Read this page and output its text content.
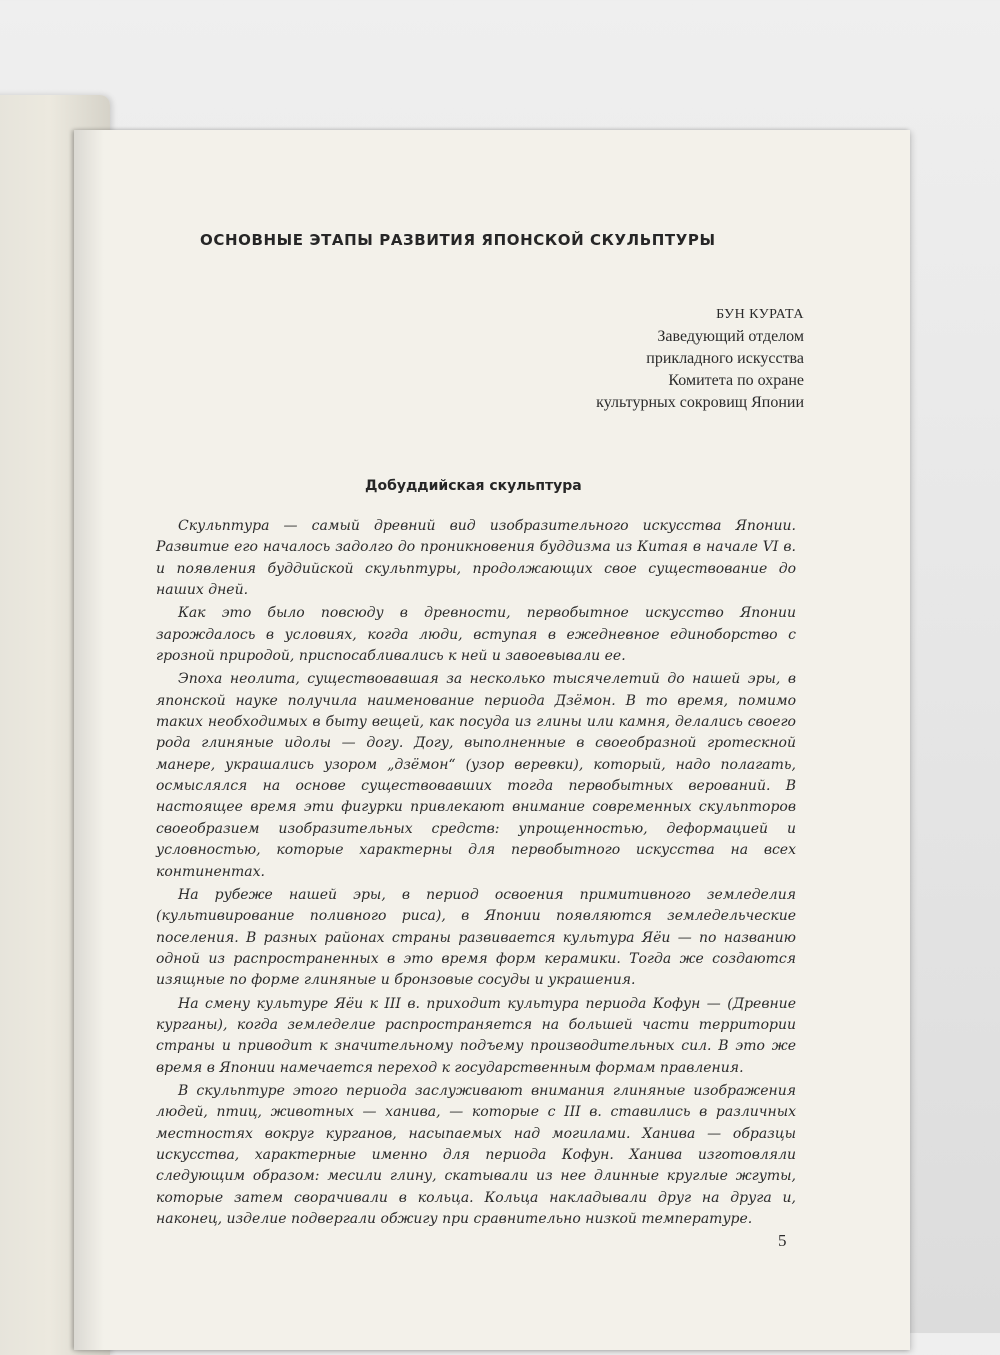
ОСНОВНЫЕ ЭТАПЫ РАЗВИТИЯ ЯПОНСКОЙ СКУЛЬПТУРЫ
БУН КУРАТА
Заведующий отделом
прикладного искусства
Комитета по охране
культурных сокровищ Японии
Добуддийская скульптура

Скульптура — самый древний вид изобразительного искусства Японии. Развитие его началось задолго до проникновения буддизма из Китая в начале VI в. и появления буддийской скульптуры, продолжающих свое существование до наших дней.

Как это было повсюду в древности, первобытное искусство Японии зарождалось в условиях, когда люди, вступая в ежедневное единоборство с грозной природой, приспосабливались к ней и завоевывали ее.

Эпоха неолита, существовавшая за несколько тысячелетий до нашей эры, в японской науке получила наименование периода Дзёмон. В то время, помимо таких необходимых в быту вещей, как посуда из глины или камня, делались своего рода глиняные идолы — догу. Догу, выполненные в своеобразной гротескной манере, украшались узором „дзёмон“ (узор веревки), который, надо полагать, осмыслялся на основе существовавших тогда первобытных верований. В настоящее время эти фигурки привлекают внимание современных скульпторов своеобразием изобразительных средств: упрощенностью, деформацией и условностью, которые характерны для первобытного искусства на всех континентах.

На рубеже нашей эры, в период освоения примитивного земледелия (культивирование поливного риса), в Японии появляются земледельческие поселения. В разных районах страны развивается культура Яёи — по названию одной из распространенных в это время форм керамики. Тогда же создаются изящные по форме глиняные и бронзовые сосуды и украшения.

На смену культуре Яёи к III в. приходит культура периода Кофун — (Древние курганы), когда земледелие распространяется на большей части территории страны и приводит к значительному подъему производительных сил. В это же время в Японии намечается переход к государственным формам правления.

В скульптуре этого периода заслуживают внимания глиняные изображения людей, птиц, животных — ханива, — которые с III в. ставились в различных местностях вокруг курганов, насыпаемых над могилами. Ханива — образцы искусства, характерные именно для периода Кофун. Ханива изготовляли следующим образом: месили глину, скатывали из нее длинные круглые жгуты, которые затем сворачивали в кольца. Кольца накладывали друг на друга и, наконец, изделие подвергали обжигу при сравнительно низкой температуре.

5
